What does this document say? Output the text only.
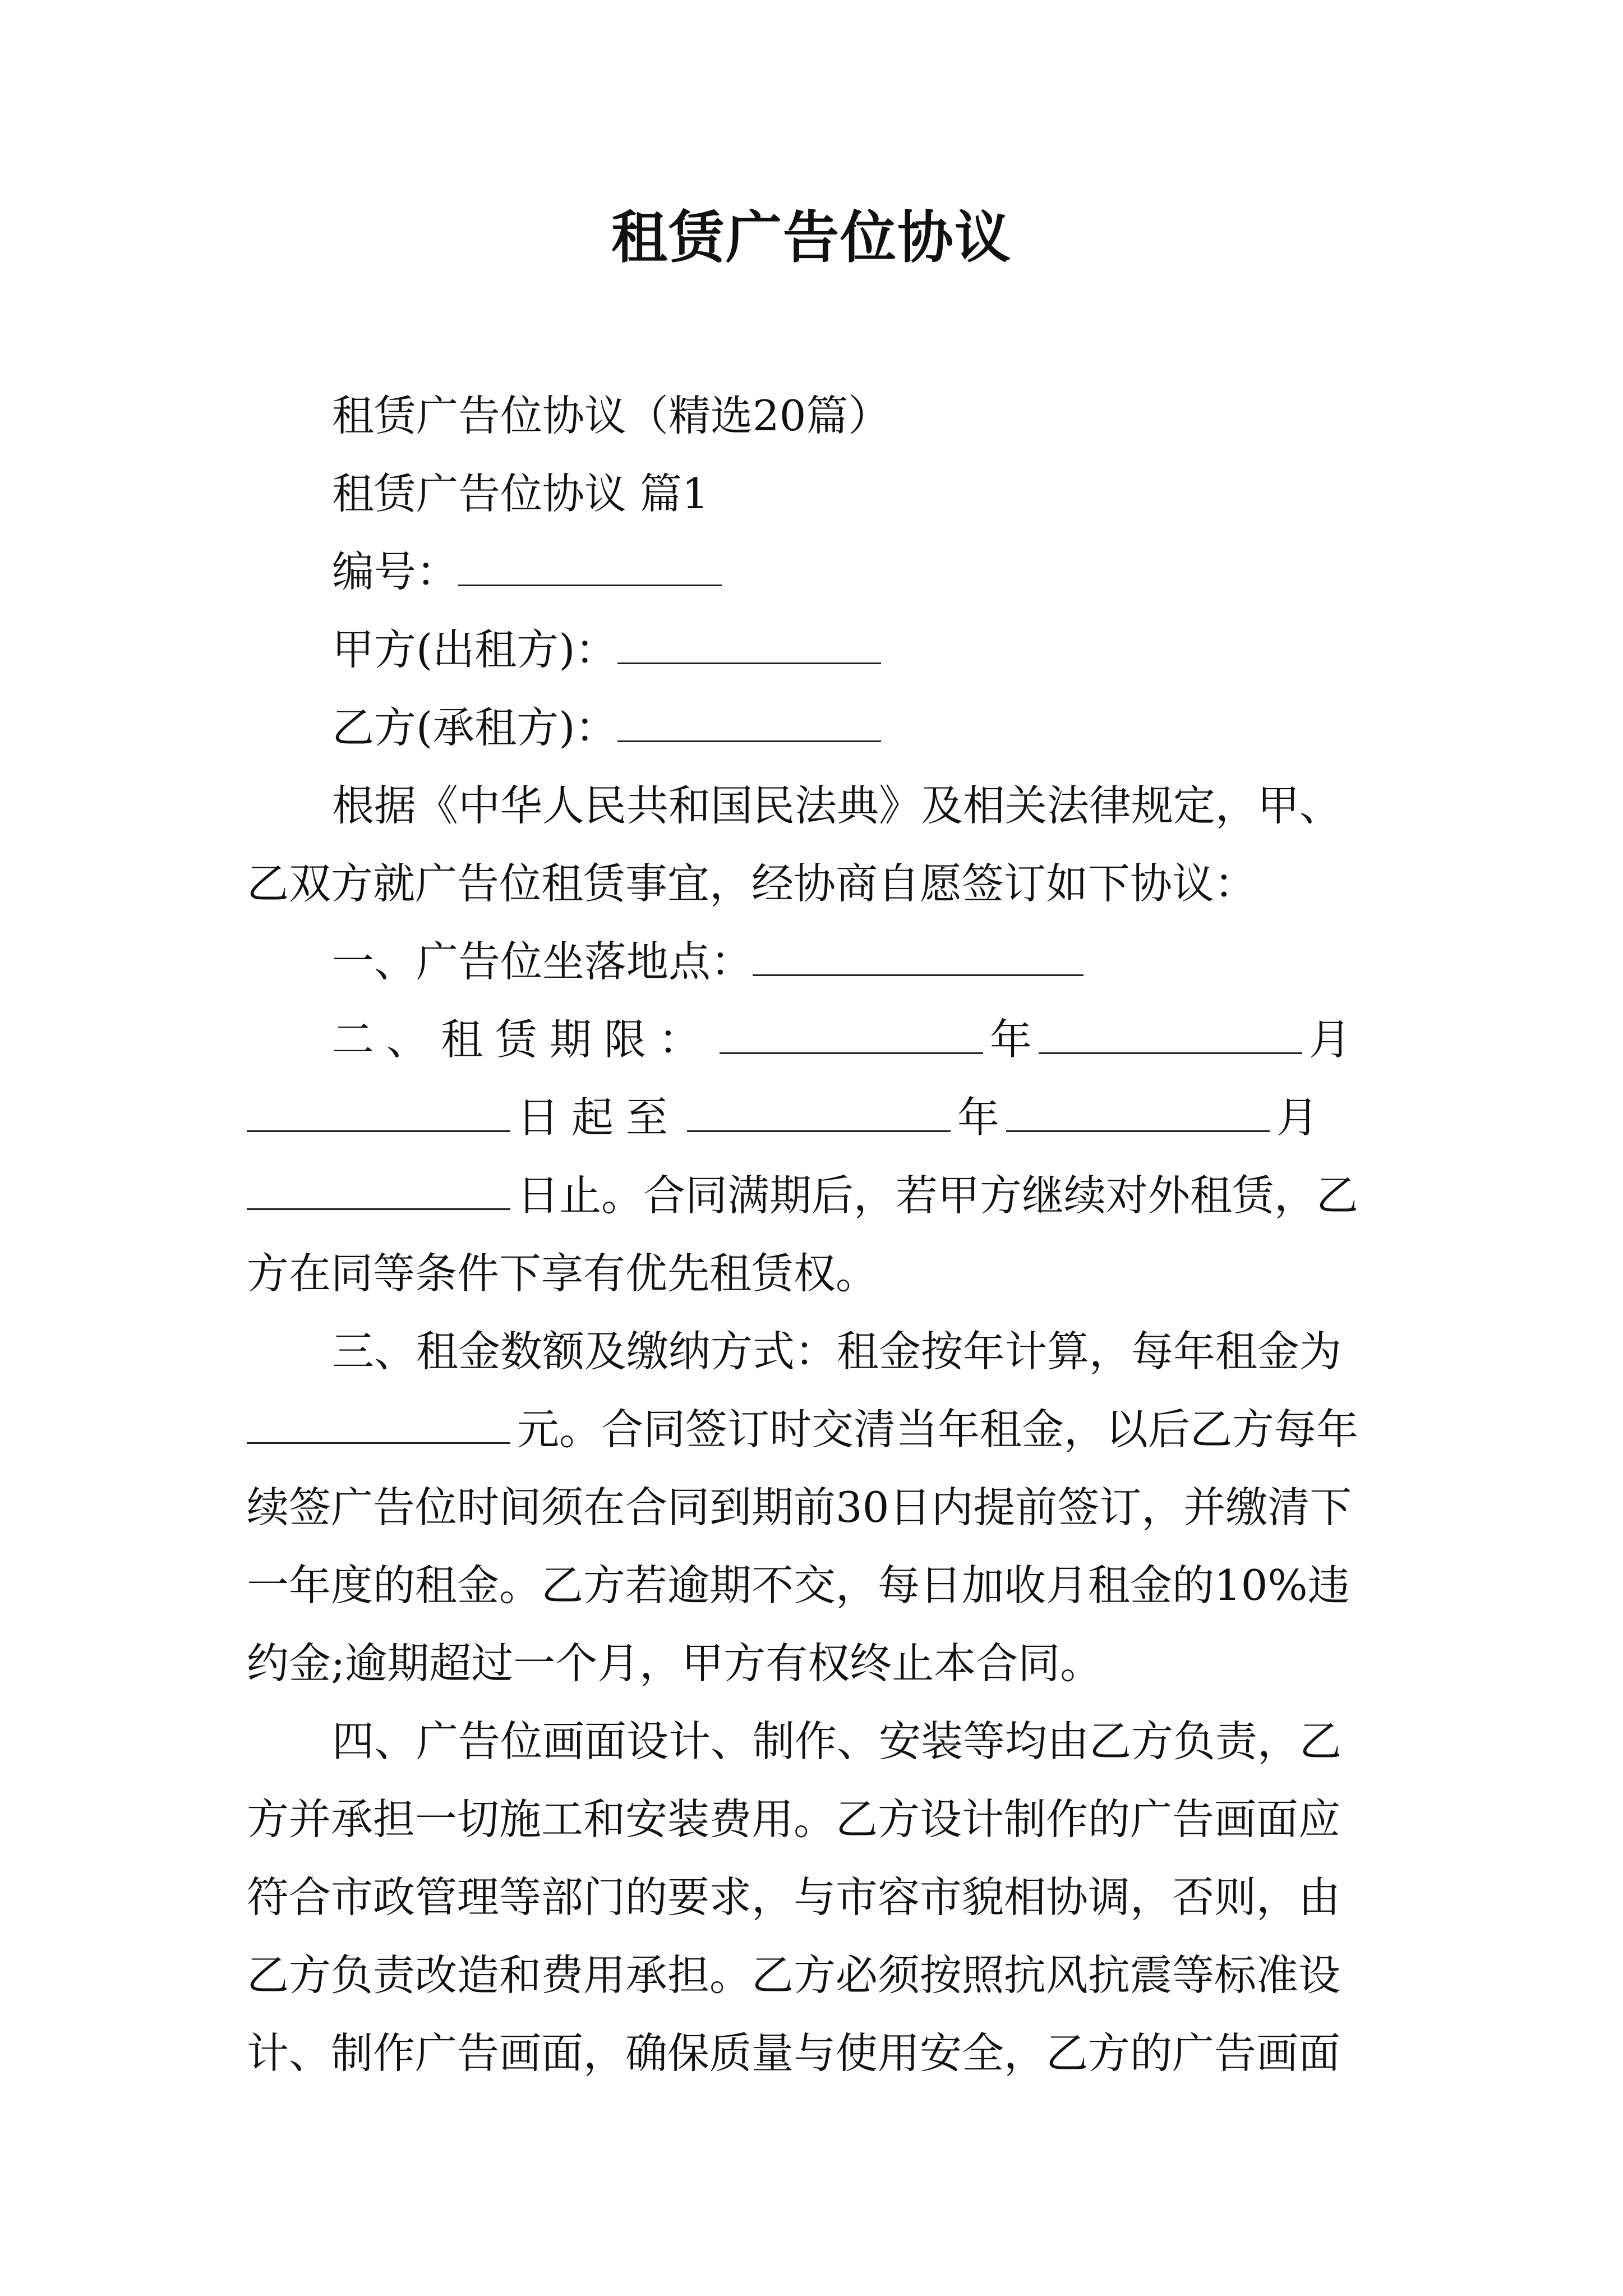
租赁广告位协议

租赁广告位协议（精选20篇）

租赁广告位协议 篇1

编号：

甲方(出租方)：

乙方(承租方)：

根据《中华人民共和国民法典》及相关法律规定，甲、乙双方就广告位租赁事宜，经协商自愿签订如下协议：

一、广告位坐落地点：

二、租赁期限：	年	月日起至	年	月日止。合同满期后，若甲方继续对外租赁，乙方在同等条件下享有优先租赁权。

三、租金数额及缴纳方式：租金按年计算，每年租金为元。合同签订时交清当年租金，以后乙方每年续签广告位时间须在合同到期前30日内提前签订，并缴清下一年度的租金。乙方若逾期不交，每日加收月租金的10%违约金;逾期超过一个月，甲方有权终止本合同。

四、广告位画面设计、制作、安装等均由乙方负责，乙方并承担一切施工和安装费用。乙方设计制作的广告画面应符合市政管理等部门的要求，与市容市貌相协调，否则，由乙方负责改造和费用承担。乙方必须按照抗风抗震等标准设计、制作广告画面，确保质量与使用安全，乙方的广告画面
